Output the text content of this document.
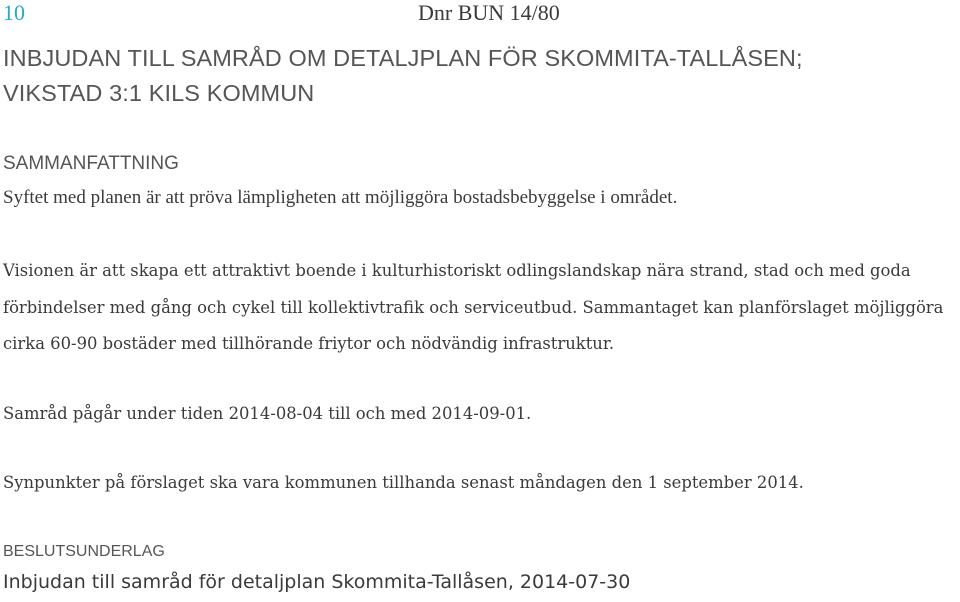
10	Dnr BUN 14/80
INBJUDAN TILL SAMRÅD OM DETALJPLAN FÖR SKOMMITA-TALLÅSEN;
VIKSTAD 3:1 KILS KOMMUN
SAMMANFATTNING

Syftet med planen är att pröva lämpligheten att möjliggöra bostadsbebyggelse i området.

Visionen är att skapa ett attraktivt boende i kulturhistoriskt odlingslandskap nära strand, stad och med goda förbindelser med gång och cykel till kollektivtrafik och serviceutbud. Sammantaget kan planförslaget möjliggöra cirka 60-90 bostäder med tillhörande friytor och nödvändig infrastruktur.

Samråd pågår under tiden 2014-08-04 till och med 2014-09-01.

Synpunkter på förslaget ska vara kommunen tillhanda senast måndagen den 1 september 2014.

BESLUTSUNDERLAG

Inbjudan till samråd för detaljplan Skommita-Tallåsen, 2014-07-30
